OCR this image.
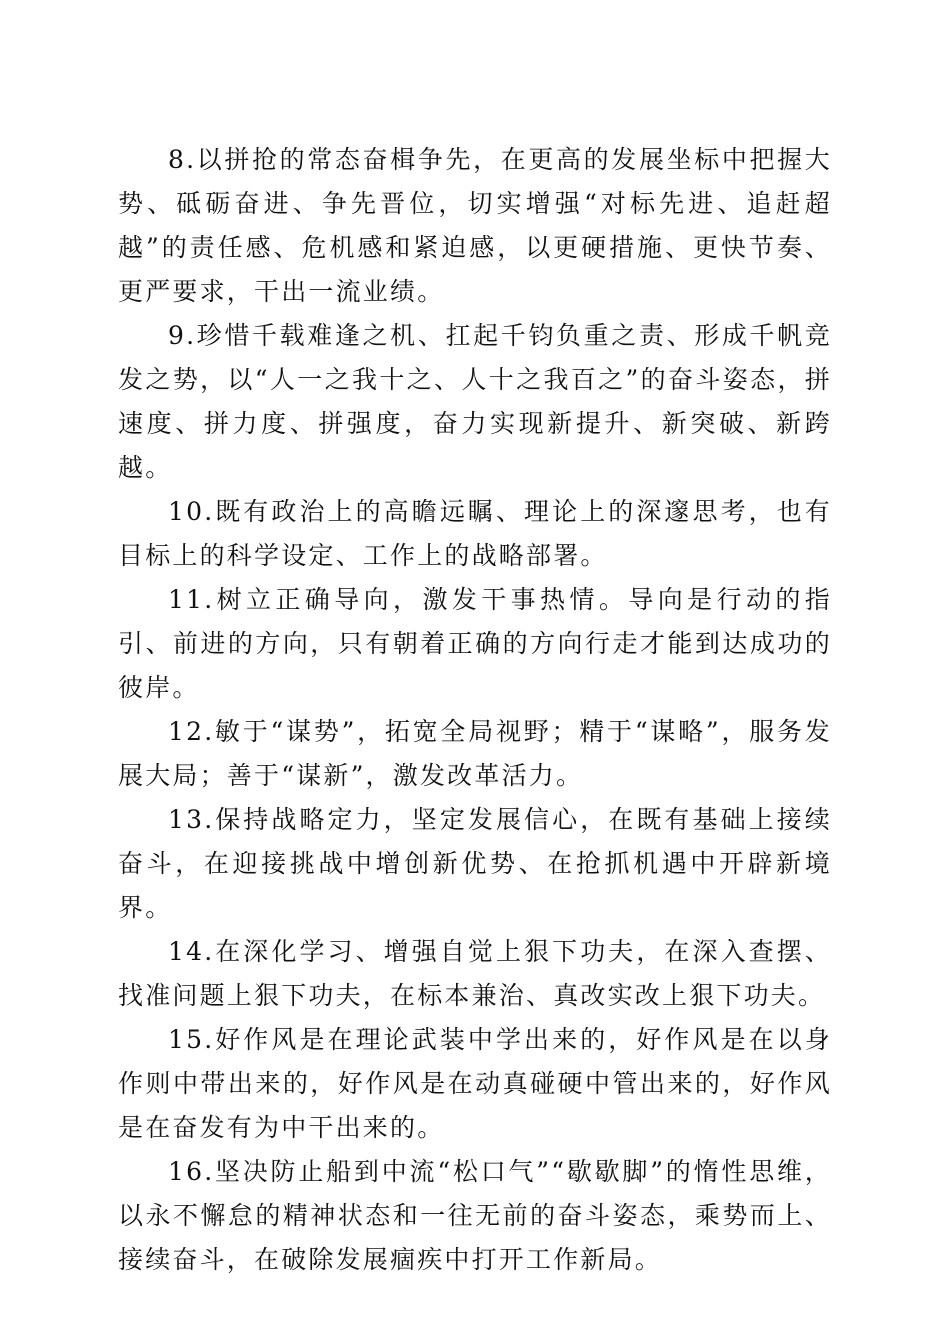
8.以拼抢的常态奋楫争先，在更高的发展坐标中把握大势、砥砺奋进、争先晋位，切实增强“对标先进、追赶超越”的责任感、危机感和紧迫感，以更硬措施、更快节奏、更严要求，干出一流业绩。

9.珍惜千载难逢之机、扛起千钧负重之责、形成千帆竞发之势，以“人一之我十之、人十之我百之”的奋斗姿态，拼速度、拼力度、拼强度，奋力实现新提升、新突破、新跨越。

10.既有政治上的高瞻远瞩、理论上的深邃思考，也有目标上的科学设定、工作上的战略部署。

11.树立正确导向，激发干事热情。导向是行动的指引、前进的方向，只有朝着正确的方向行走才能到达成功的彼岸。

12.敏于“谋势”，拓宽全局视野；精于“谋略”，服务发展大局；善于“谋新”，激发改革活力。

13.保持战略定力，坚定发展信心，在既有基础上接续奋斗，在迎接挑战中增创新优势、在抢抓机遇中开辟新境界。

14.在深化学习、增强自觉上狠下功夫，在深入查摆、找准问题上狠下功夫，在标本兼治、真改实改上狠下功夫。

15.好作风是在理论武装中学出来的，好作风是在以身作则中带出来的，好作风是在动真碰硬中管出来的，好作风是在奋发有为中干出来的。

16.坚决防止船到中流“松口气”“歇歇脚”的惰性思维，以永不懈怠的精神状态和一往无前的奋斗姿态，乘势而上、接续奋斗，在破除发展痼疾中打开工作新局。
